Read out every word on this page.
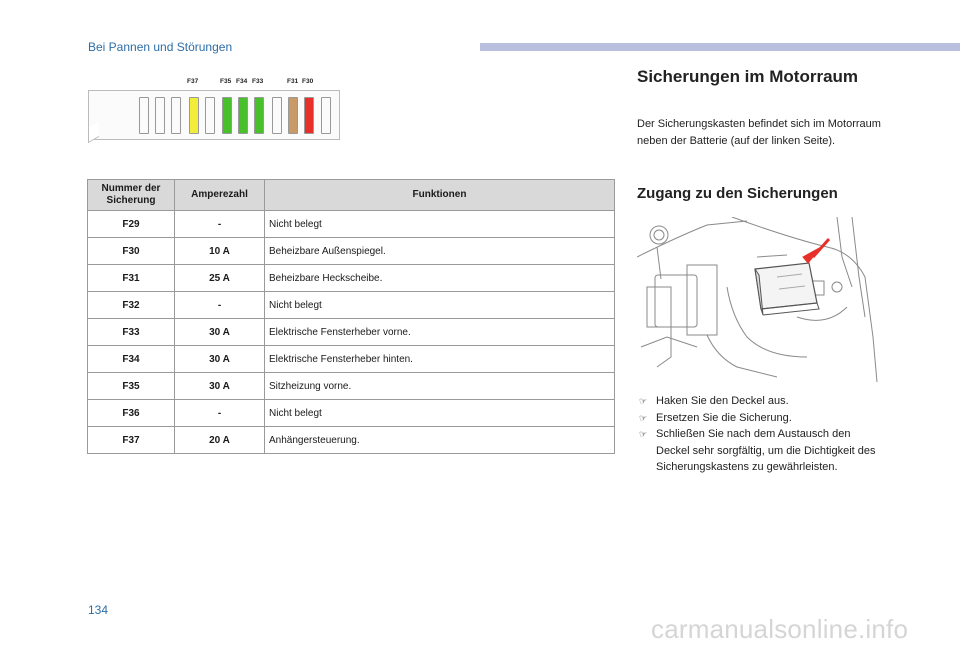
Bei Pannen und Störungen
F37	F35 F34 F33	F31 F30
Nummer der Sicherung	Amperezahl	Funktionen
F29	-	Nicht belegt
F30	10 A	Beheizbare Außenspiegel.
F31	25 A	Beheizbare Heckscheibe.
F32	-	Nicht belegt
F33	30 A	Elektrische Fensterheber vorne.
F34	30 A	Elektrische Fensterheber hinten.
F35	30 A	Sitzheizung vorne.
F36	-	Nicht belegt
F37	20 A	Anhängersteuerung.
Sicherungen im Motorraum
Der Sicherungskasten befindet sich im Motorraum neben der Batterie (auf der linken Seite).
Zugang zu den Sicherungen
☞ Haken Sie den Deckel aus.
☞ Ersetzen Sie die Sicherung.
☞ Schließen Sie nach dem Austausch den Deckel sehr sorgfältig, um die Dichtigkeit des Sicherungskastens zu gewährleisten.
134
carmanualsonline.info
